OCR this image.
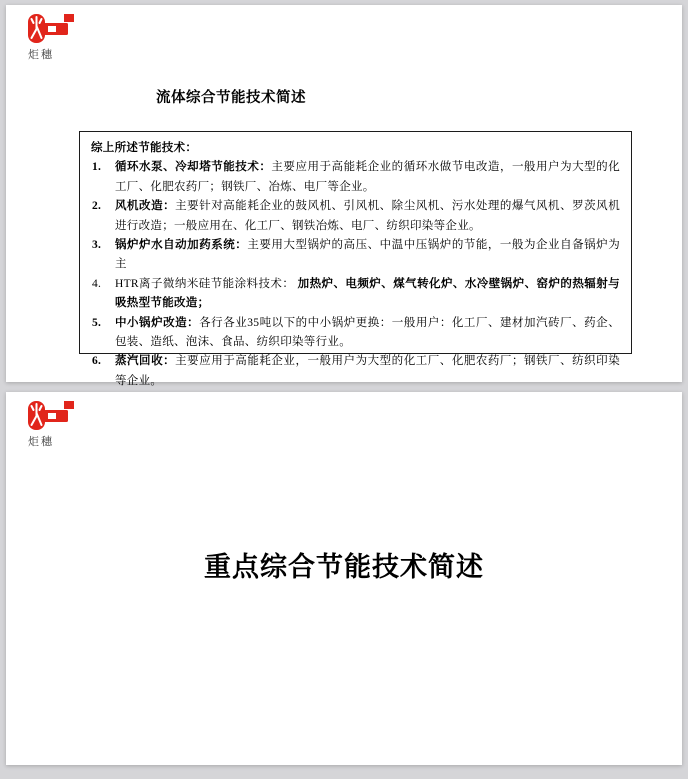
炬穗
流体综合节能技术简述
综上所述节能技术：
1. 循环水泵、冷却塔节能技术：主要应用于高能耗企业的循环水做节电改造，一般用户为大型的化工厂、化肥农药厂；钢铁厂、冶炼、电厂等企业。
2. 风机改造：主要针对高能耗企业的鼓风机、引风机、除尘风机、污水处理的爆气风机、罗茨风机进行改造；一般应用在、化工厂、钢铁冶炼、电厂、纺织印染等企业。
3. 锅炉炉水自动加药系统：主要用大型锅炉的高压、中温中压锅炉的节能，一般为企业自备锅炉为主
4. HTR离子微纳米硅节能涂料技术： 加热炉、电频炉、煤气转化炉、水冷壁锅炉、窑炉的热辐射与吸热型节能改造；
5. 中小锅炉改造：各行各业35吨以下的中小锅炉更换：一般用户：化工厂、建材加汽砖厂、药企、包装、造纸、泡沫、食品、纺织印染等行业。
6. 蒸汽回收：主要应用于高能耗企业，一般用户为大型的化工厂、化肥农药厂；钢铁厂、纺织印染等企业。
炬穗
重点综合节能技术简述
